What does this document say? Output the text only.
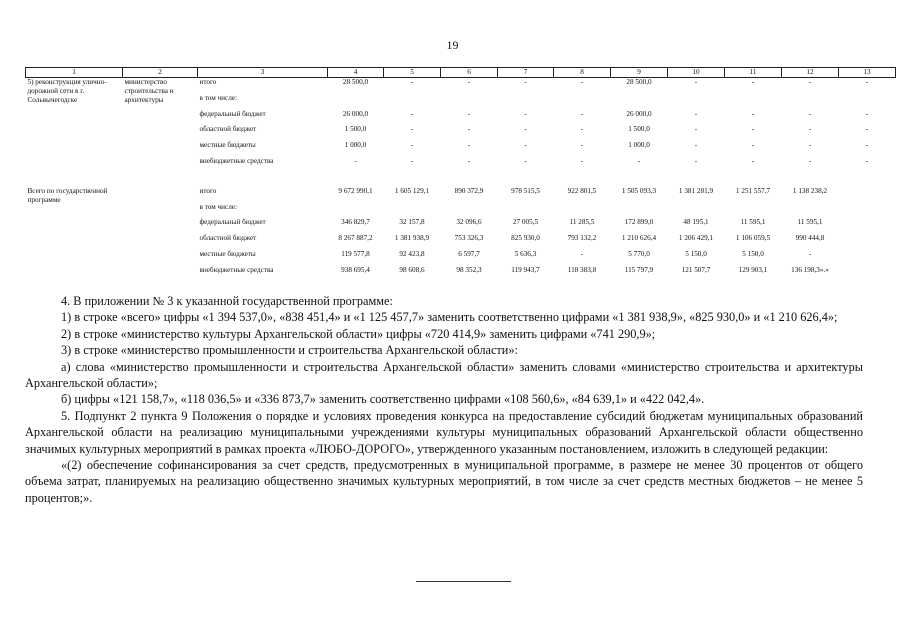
19
1	2	3	4	5	6	7	8	9	10	11	12	13
5) реконструкция улично-дорожной сети в г. Сольвычегодске	министерство строительства и архитектуры	итого	28 500,0	-	-	-	-	28 500,0	-	-	-	-
		в том числе:										
		федеральный бюджет	26 000,0	-	-	-	-	26 000,0	-	-	-	-
		областной бюджет	1 500,0	-	-	-	-	1 500,0	-	-	-	-
		местные бюджеты	1 000,0	-	-	-	-	1 000,0	-	-	-	-
		внебюджетные средства	-	-	-	-	-	-	-	-	-	-

Всего по государственной программе		итого	9 672 990,1	1 605 129,1	890 372,9	978 515,5	922 801,5	1 505 093,3	1 381 281,9	1 251 557,7	1 138 238,2	
		в том числе:										
		федеральный бюджет	346 829,7	32 157,8	32 096,6	27 005,5	11 285,5	172 899,0	48 195,1	11 595,1	11 595,1	
		областной бюджет	8 267 887,2	1 381 938,9	753 326,3	825 930,0	793 132,2	1 210 626,4	1 206 429,1	1 106 059,5	990 444,8	
		местные бюджеты	119 577,8	92 423,8	6 597,7	5 636,3	-	5 770,0	5 150,0	5 150,0	-	
		внебюджетные средства	938 695,4	98 608,6	98 352,3	119 943,7	118 383,8	115 797,9	121 507,7	129 903,1	136 198,3».»	

4. В приложении № 3 к указанной государственной программе:

1) в строке «всего» цифры «1 394 537,0», «838 451,4» и «1 125 457,7» заменить соответственно цифрами «1 381 938,9», «825 930,0» и «1 210 626,4»;

2) в строке «министерство культуры Архангельской области» цифры «720 414,9» заменить цифрами «741 290,9»;

3) в строке «министерство промышленности и строительства Архангельской области»:

а) слова «министерство промышленности и строительства Архангельской области» заменить словами «министерство строительства и архитектуры Архангельской области»;

б) цифры «121 158,7», «118 036,5» и «336 873,7» заменить соответственно цифрами «108 560,6», «84 639,1» и «422 042,4».

5. Подпункт 2 пункта 9 Положения о порядке и условиях проведения конкурса на предоставление субсидий бюджетам муниципальных образований Архангельской области на реализацию муниципальными учреждениями культуры муниципальных образований Архангельской области общественно значимых культурных мероприятий в рамках проекта «ЛЮБО-ДОРОГО», утвержденного указанным постановлением, изложить в следующей редакции:

«(2) обеспечение софинансирования за счет средств, предусмотренных в муниципальной программе, в размере не менее 30 процентов от общего объема затрат, планируемых на реализацию общественно значимых культурных мероприятий, в том числе за счет средств местных бюджетов – не менее 5 процентов;».
